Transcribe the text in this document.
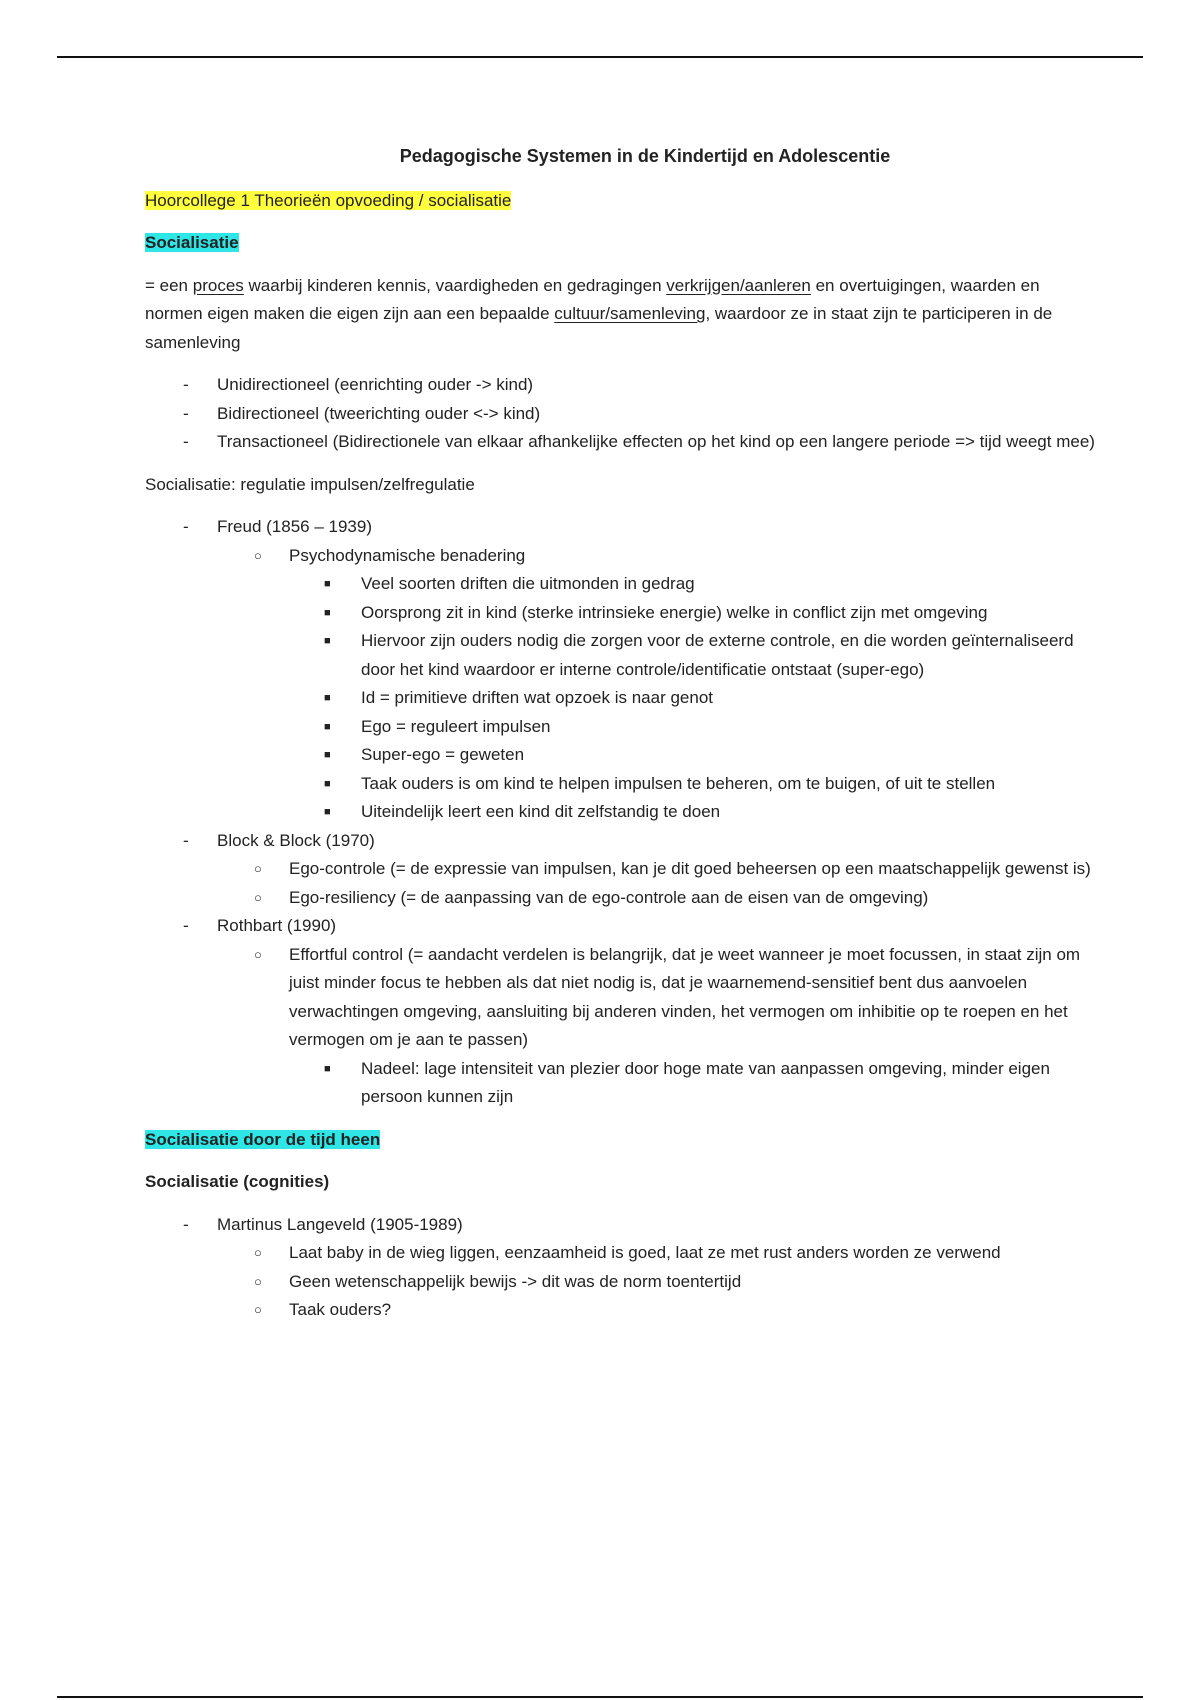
Pedagogische Systemen in de Kindertijd en Adolescentie

Hoorcollege 1 Theorieën opvoeding / socialisatie

Socialisatie

= een proces waarbij kinderen kennis, vaardigheden en gedragingen verkrijgen/aanleren en overtuigingen, waarden en normen eigen maken die eigen zijn aan een bepaalde cultuur/samenleving, waardoor ze in staat zijn te participeren in de samenleving

- Unidirectioneel (eenrichting ouder -> kind)
- Bidirectioneel (tweerichting ouder <-> kind)
- Transactioneel (Bidirectionele van elkaar afhankelijke effecten op het kind op een langere periode => tijd weegt mee)

Socialisatie: regulatie impulsen/zelfregulatie

- Freud (1856 – 1939)
○ Psychodynamische benadering
■ Veel soorten driften die uitmonden in gedrag
■ Oorsprong zit in kind (sterke intrinsieke energie) welke in conflict zijn met omgeving
■ Hiervoor zijn ouders nodig die zorgen voor de externe controle, en die worden geïnternaliseerd door het kind waardoor er interne controle/identificatie ontstaat (super-ego)
■ Id = primitieve driften wat opzoek is naar genot
■ Ego = reguleert impulsen
■ Super-ego = geweten
■ Taak ouders is om kind te helpen impulsen te beheren, om te buigen, of uit te stellen
■ Uiteindelijk leert een kind dit zelfstandig te doen
- Block & Block (1970)
○ Ego-controle (= de expressie van impulsen, kan je dit goed beheersen op een maatschappelijk gewenst is)
○ Ego-resiliency (= de aanpassing van de ego-controle aan de eisen van de omgeving)
- Rothbart (1990)
○ Effortful control (= aandacht verdelen is belangrijk, dat je weet wanneer je moet focussen, in staat zijn om juist minder focus te hebben als dat niet nodig is, dat je waarnemend-sensitief bent dus aanvoelen verwachtingen omgeving, aansluiting bij anderen vinden, het vermogen om inhibitie op te roepen en het vermogen om je aan te passen)
■ Nadeel: lage intensiteit van plezier door hoge mate van aanpassen omgeving, minder eigen persoon kunnen zijn

Socialisatie door de tijd heen

Socialisatie (cognities)

- Martinus Langeveld (1905-1989)
○ Laat baby in de wieg liggen, eenzaamheid is goed, laat ze met rust anders worden ze verwend
○ Geen wetenschappelijk bewijs -> dit was de norm toentertijd
○ Taak ouders?
